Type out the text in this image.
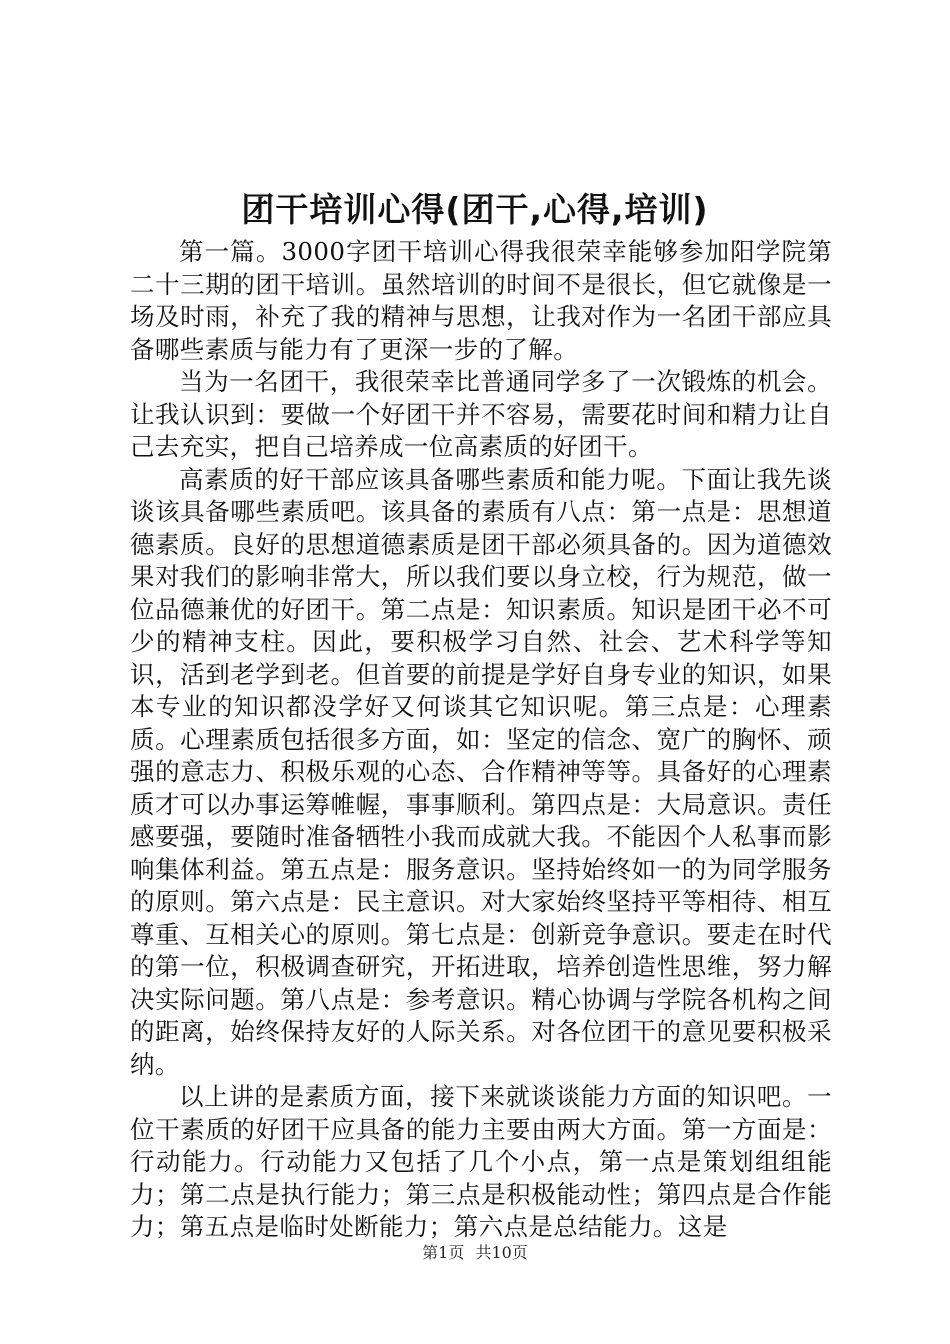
团干培训心得(团干,心得,培训)

第一篇。3000字团干培训心得我很荣幸能够参加阳学院第二十三期的团干培训。虽然培训的时间不是很长，但它就像是一场及时雨，补充了我的精神与思想，让我对作为一名团干部应具备哪些素质与能力有了更深一步的了解。

当为一名团干，我很荣幸比普通同学多了一次锻炼的机会。让我认识到：要做一个好团干并不容易，需要花时间和精力让自己去充实，把自己培养成一位高素质的好团干。

高素质的好干部应该具备哪些素质和能力呢。下面让我先谈谈该具备哪些素质吧。该具备的素质有八点：第一点是：思想道德素质。良好的思想道德素质是团干部必须具备的。因为道德效果对我们的影响非常大，所以我们要以身立校，行为规范，做一位品德兼优的好团干。第二点是：知识素质。知识是团干必不可少的精神支柱。因此，要积极学习自然、社会、艺术科学等知识，活到老学到老。但首要的前提是学好自身专业的知识，如果本专业的知识都没学好又何谈其它知识呢。第三点是：心理素质。心理素质包括很多方面，如：坚定的信念、宽广的胸怀、顽强的意志力、积极乐观的心态、合作精神等等。具备好的心理素质才可以办事运筹帷幄，事事顺利。第四点是：大局意识。责任感要强，要随时准备牺牲小我而成就大我。不能因个人私事而影响集体利益。第五点是：服务意识。坚持始终如一的为同学服务的原则。第六点是：民主意识。对大家始终坚持平等相待、相互尊重、互相关心的原则。第七点是：创新竞争意识。要走在时代的第一位，积极调查研究，开拓进取，培养创造性思维，努力解决实际问题。第八点是：参考意识。精心协调与学院各机构之间的距离，始终保持友好的人际关系。对各位团干的意见要积极采纳。

以上讲的是素质方面，接下来就谈谈能力方面的知识吧。一位干素质的好团干应具备的能力主要由两大方面。第一方面是：行动能力。行动能力又包括了几个小点，第一点是策划组组能力；第二点是执行能力；第三点是积极能动性；第四点是合作能力；第五点是临时处断能力；第六点是总结能力。这是

第1页 共10页
